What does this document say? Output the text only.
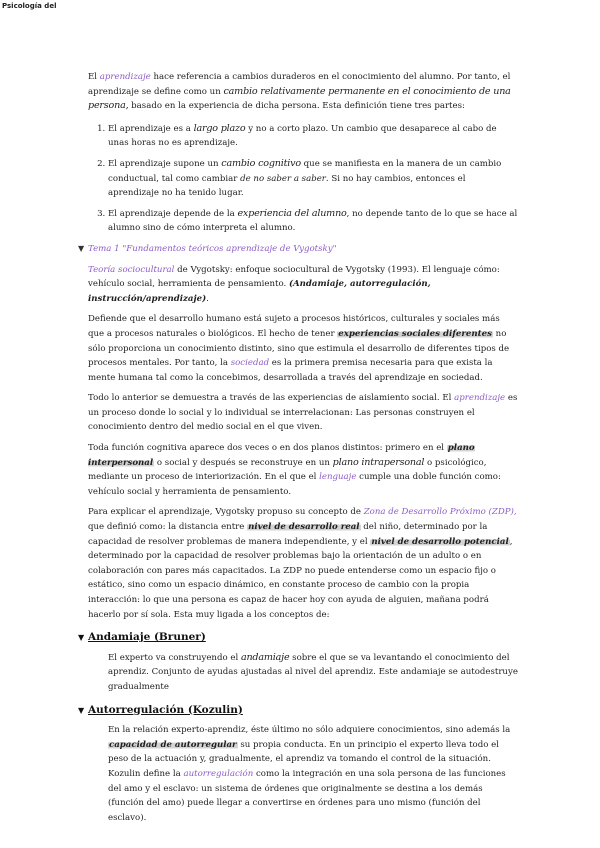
Psicología del

El aprendizaje hace referencia a cambios duraderos en el conocimiento del alumno. Por tanto, el aprendizaje se define como un cambio relativamente permanente en el conocimiento de una persona, basado en la experiencia de dicha persona. Esta definición tiene tres partes:

1. El aprendizaje es a largo plazo y no a corto plazo. Un cambio que desaparece al cabo de unas horas no es aprendizaje.
2. El aprendizaje supone un cambio cognitivo que se manifiesta en la manera de un cambio conductual, tal como cambiar de no saber a saber. Si no hay cambios, entonces el aprendizaje no ha tenido lugar.
3. El aprendizaje depende de la experiencia del alumno, no depende tanto de lo que se hace al alumno sino de cómo interpreta el alumno.
▼ Tema 1 "Fundamentos teóricos aprendizaje de Vygotsky"

Teoría sociocultural de Vygotsky: enfoque sociocultural de Vygotsky (1993). El lenguaje cómo: vehículo social, herramienta de pensamiento. (Andamiaje, autorregulación, instrucción/aprendizaje).

Defiende que el desarrollo humano está sujeto a procesos históricos, culturales y sociales más que a procesos naturales o biológicos. El hecho de tener experiencias sociales diferentes no sólo proporciona un conocimiento distinto, sino que estimula el desarrollo de diferentes tipos de procesos mentales. Por tanto, la sociedad es la primera premisa necesaria para que exista la mente humana tal como la concebimos, desarrollada a través del aprendizaje en sociedad.

Todo lo anterior se demuestra a través de las experiencias de aislamiento social. El aprendizaje es un proceso donde lo social y lo individual se interrelacionan: Las personas construyen el conocimiento dentro del medio social en el que viven.

Toda función cognitiva aparece dos veces o en dos planos distintos: primero en el plano interpersonal o social y después se reconstruye en un plano intrapersonal o psicológico, mediante un proceso de interiorización. En el que el lenguaje cumple una doble función como: vehículo social y herramienta de pensamiento.

Para explicar el aprendizaje, Vygotsky propuso su concepto de Zona de Desarrollo Próximo (ZDP), que definió como: la distancia entre nivel de desarrollo real del niño, determinado por la capacidad de resolver problemas de manera independiente, y el nivel de desarrollo potencial, determinado por la capacidad de resolver problemas bajo la orientación de un adulto o en colaboración con pares más capacitados. La ZDP no puede entenderse como un espacio fijo o estático, sino como un espacio dinámico, en constante proceso de cambio con la propia interacción: lo que una persona es capaz de hacer hoy con ayuda de alguien, mañana podrá hacerlo por sí sola. Esta muy ligada a los conceptos de:

▼ Andamiaje (Bruner)

El experto va construyendo el andamiaje sobre el que se va levantando el conocimiento del aprendiz. Conjunto de ayudas ajustadas al nivel del aprendiz. Este andamiaje se autodestruye gradualmente

▼ Autorregulación (Kozulin)

En la relación experto-aprendiz, éste último no sólo adquiere conocimientos, sino además la capacidad de autorregular su propia conducta. En un principio el experto lleva todo el peso de la actuación y, gradualmente, el aprendiz va tomando el control de la situación. Kozulin define la autorregulación como la integración en una sola persona de las funciones del amo y el esclavo: un sistema de órdenes que originalmente se destina a los demás (función del amo) puede llegar a convertirse en órdenes para uno mismo (función del esclavo).
